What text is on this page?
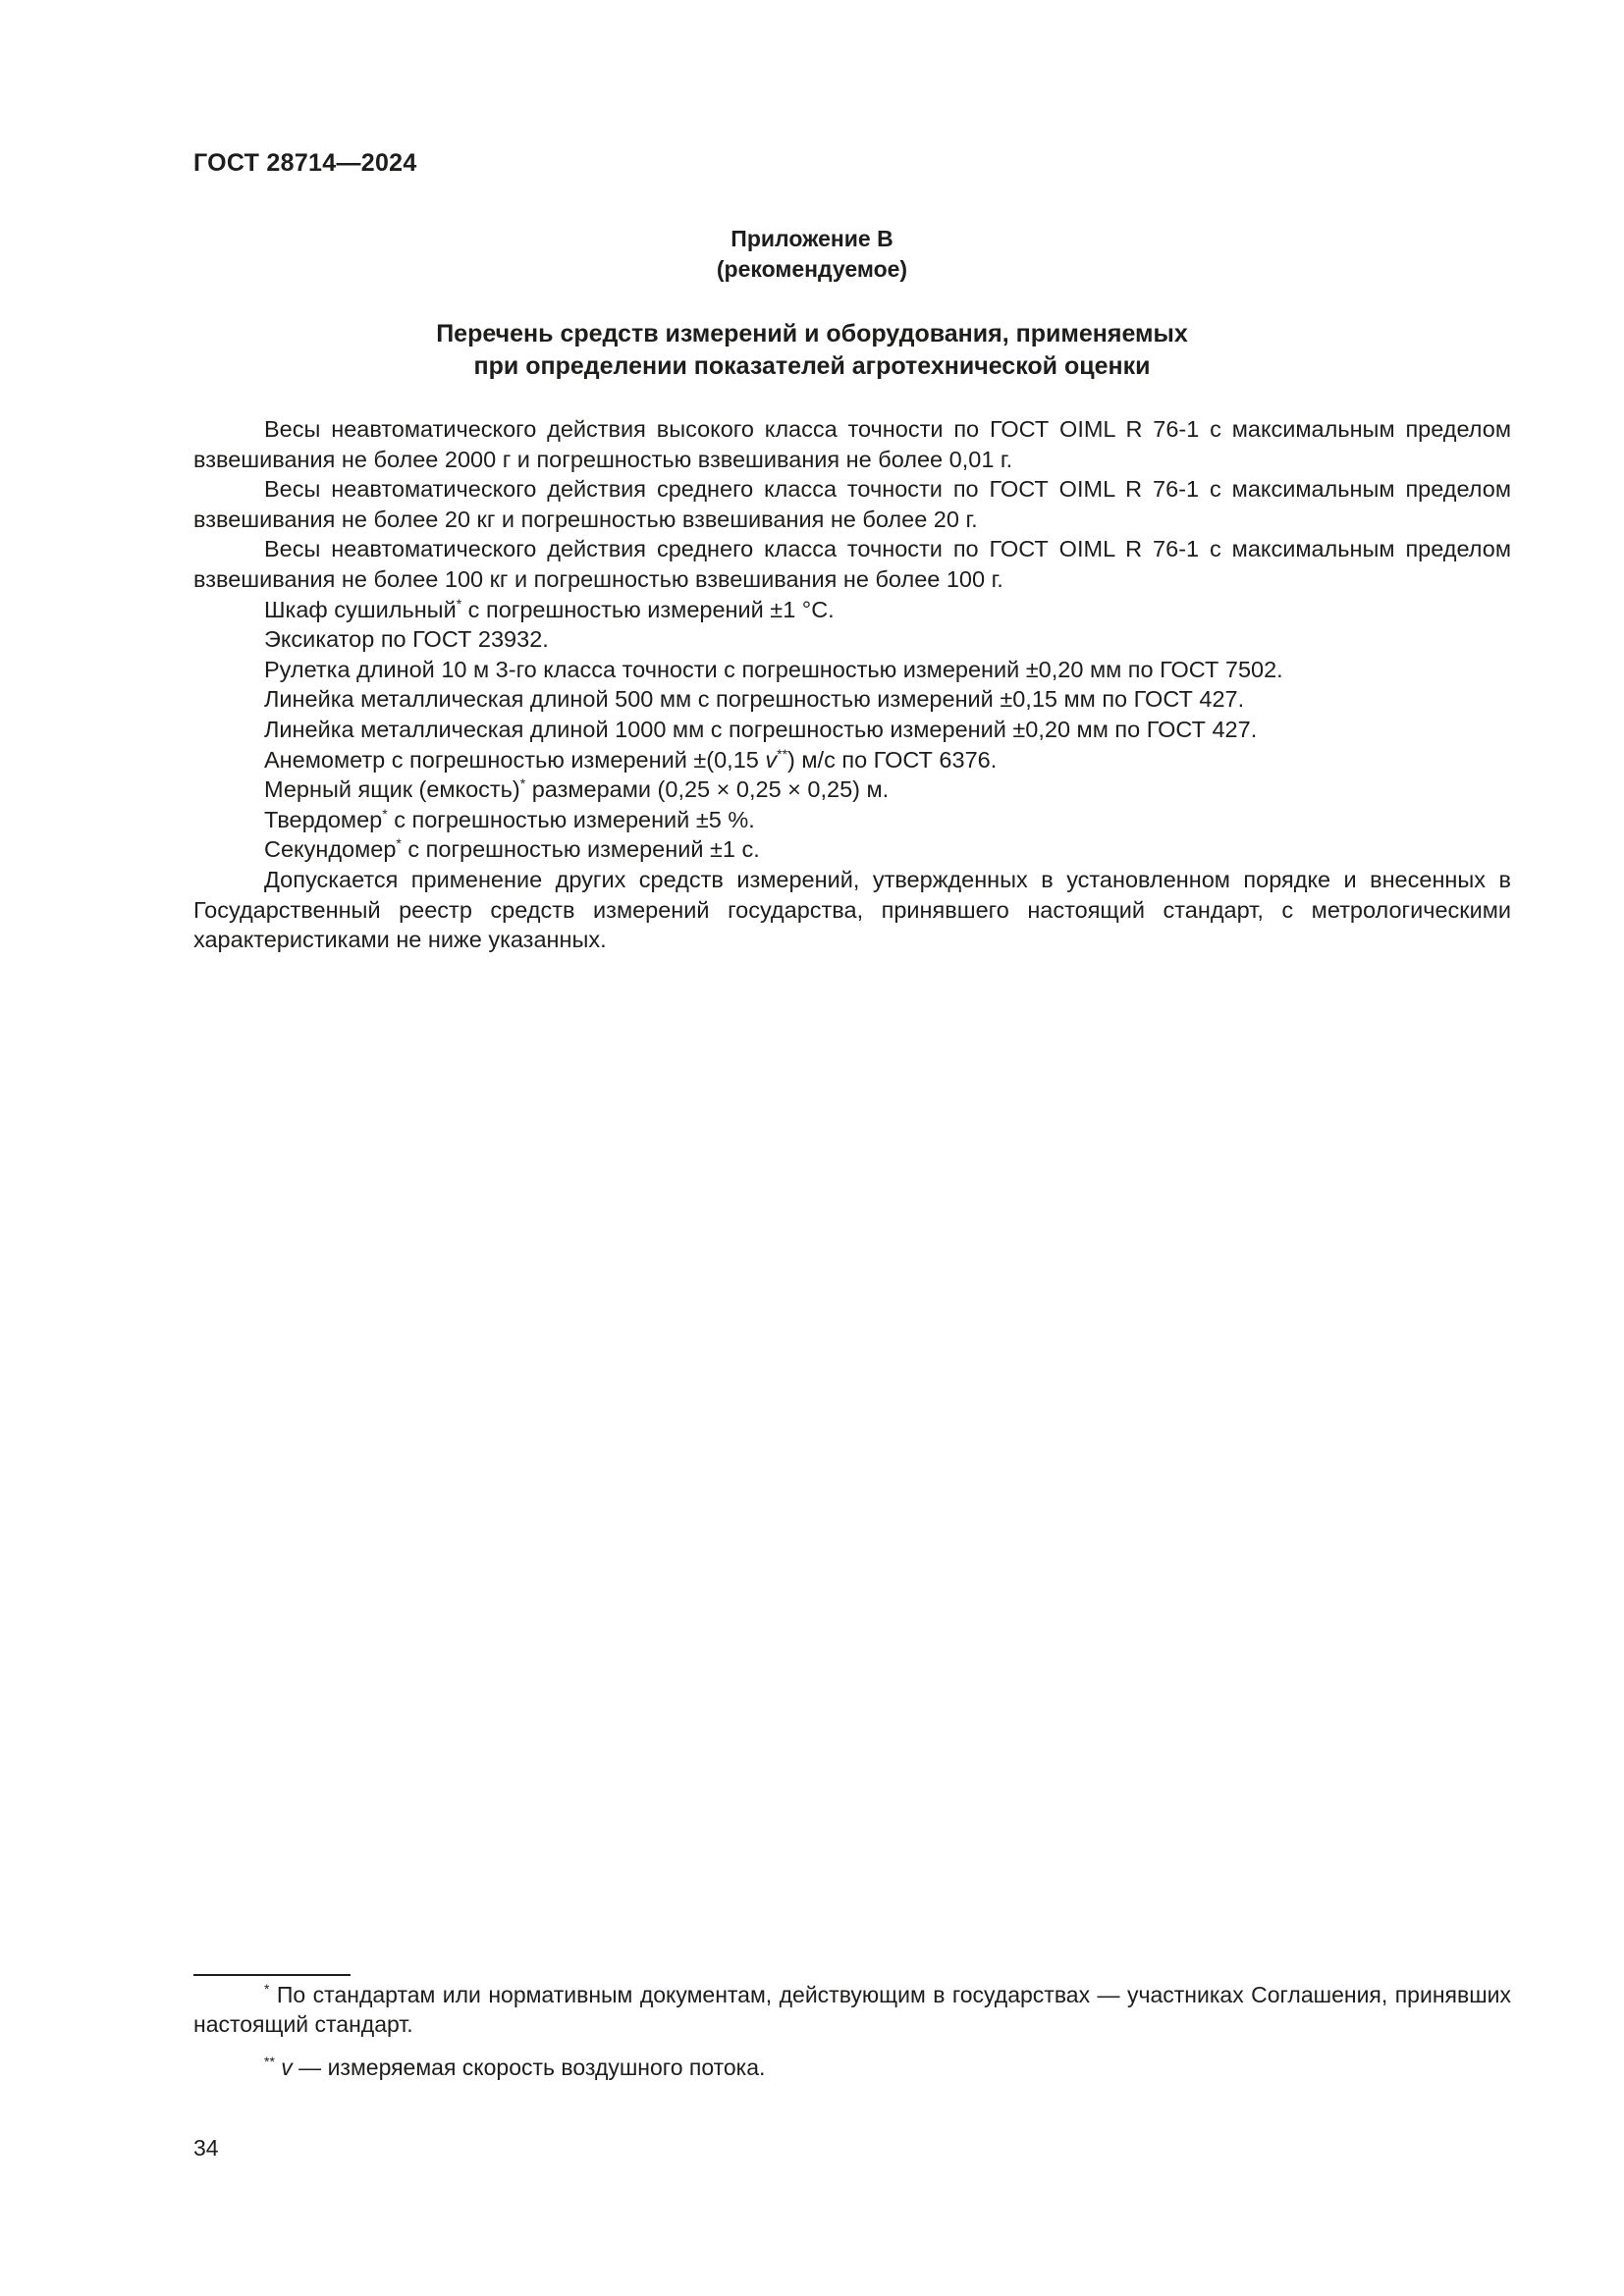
ГОСТ 28714—2024
Приложение В
(рекомендуемое)
Перечень средств измерений и оборудования, применяемых
при определении показателей агротехнической оценки

Весы неавтоматического действия высокого класса точности по ГОСТ OIML R 76-1 с максимальным пределом взвешивания не более 2000 г и погрешностью взвешивания не более 0,01 г.

Весы неавтоматического действия среднего класса точности по ГОСТ OIML R 76-1 с максимальным пределом взвешивания не более 20 кг и погрешностью взвешивания не более 20 г.

Весы неавтоматического действия среднего класса точности по ГОСТ OIML R 76-1 с максимальным пределом взвешивания не более 100 кг и погрешностью взвешивания не более 100 г.

Шкаф сушильный* с погрешностью измерений ±1 °С.

Эксикатор по ГОСТ 23932.

Рулетка длиной 10 м 3-го класса точности с погрешностью измерений ±0,20 мм по ГОСТ 7502.

Линейка металлическая длиной 500 мм с погрешностью измерений ±0,15 мм по ГОСТ 427.

Линейка металлическая длиной 1000 мм с погрешностью измерений ±0,20 мм по ГОСТ 427.

Анемометр с погрешностью измерений ±(0,15 v**) м/с по ГОСТ 6376.

Мерный ящик (емкость)* размерами (0,25 × 0,25 × 0,25) м.

Твердомер* с погрешностью измерений ±5 %.

Секундомер* с погрешностью измерений ±1 с.

Допускается применение других средств измерений, утвержденных в установленном порядке и внесенных в Государственный реестр средств измерений государства, принявшего настоящий стандарт, с метрологическими характеристиками не ниже указанных.

* По стандартам или нормативным документам, действующим в государствах — участниках Соглашения, принявших настоящий стандарт.

** v — измеряемая скорость воздушного потока.

34
